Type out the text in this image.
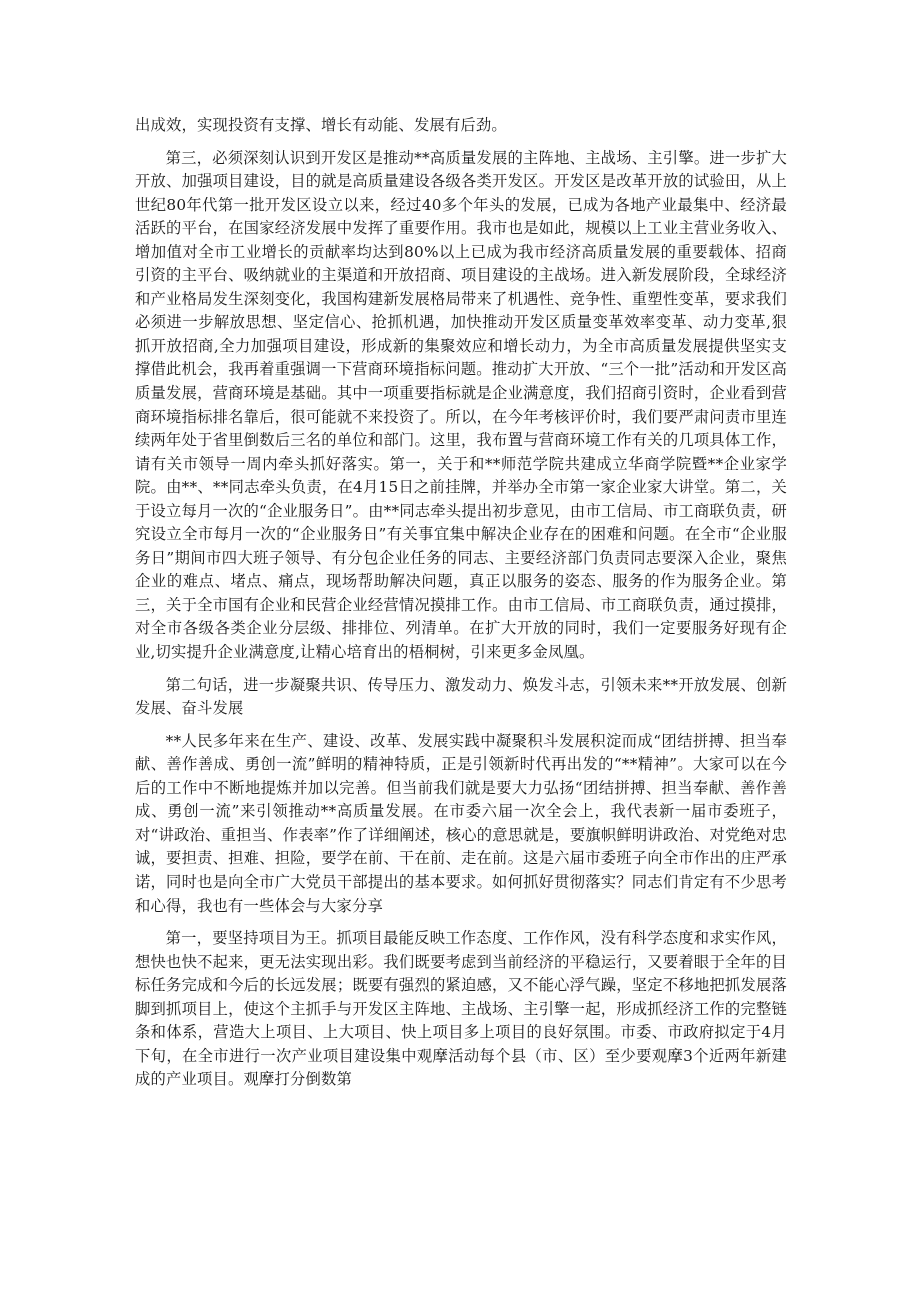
出成效，实现投资有支撑、增长有动能、发展有后劲。

第三，必须深刻认识到开发区是推动**高质量发展的主阵地、主战场、主引擎。进一步扩大开放、加强项目建设，目的就是高质量建设各级各类开发区。开发区是改革开放的试验田，从上世纪80年代第一批开发区设立以来，经过40多个年头的发展，已成为各地产业最集中、经济最活跃的平台，在国家经济发展中发挥了重要作用。我市也是如此，规模以上工业主营业务收入、增加值对全市工业增长的贡献率均达到80%以上已成为我市经济高质量发展的重要载体、招商引资的主平台、吸纳就业的主渠道和开放招商、项目建设的主战场。进入新发展阶段，全球经济和产业格局发生深刻变化，我国构建新发展格局带来了机遇性、竞争性、重塑性变革，要求我们必须进一步解放思想、坚定信心、抢抓机遇，加快推动开发区质量变革效率变革、动力变革,狠抓开放招商,全力加强项目建设，形成新的集聚效应和增长动力，为全市高质量发展提供坚实支撑借此机会，我再着重强调一下营商环境指标问题。推动扩大开放、“三个一批”活动和开发区高质量发展，营商环境是基础。其中一项重要指标就是企业满意度，我们招商引资时，企业看到营商环境指标排名靠后，很可能就不来投资了。所以，在今年考核评价时，我们要严肃问责市里连续两年处于省里倒数后三名的单位和部门。这里，我布置与营商环境工作有关的几项具体工作，请有关市领导一周内牵头抓好落实。第一，关于和**师范学院共建成立华商学院暨**企业家学院。由**、**同志牵头负责，在4月15日之前挂牌，并举办全市第一家企业家大讲堂。第二，关于设立每月一次的“企业服务日”。由**同志牵头提出初步意见，由市工信局、市工商联负责，研究设立全市每月一次的“企业服务日”有关事宜集中解决企业存在的困难和问题。在全市“企业服务日”期间市四大班子领导、有分包企业任务的同志、主要经济部门负责同志要深入企业，聚焦企业的难点、堵点、痛点，现场帮助解决问题，真正以服务的姿态、服务的作为服务企业。第三，关于全市国有企业和民营企业经营情况摸排工作。由市工信局、市工商联负责，通过摸排，对全市各级各类企业分层级、排排位、列清单。在扩大开放的同时，我们一定要服务好现有企业,切实提升企业满意度,让精心培育出的梧桐树，引来更多金凤凰。

第二句话，进一步凝聚共识、传导压力、激发动力、焕发斗志，引领未来**开放发展、创新发展、奋斗发展

**人民多年来在生产、建设、改革、发展实践中凝聚积斗发展积淀而成“团结拼搏、担当奉献、善作善成、勇创一流”鲜明的精神特质，正是引领新时代再出发的“**精神”。大家可以在今后的工作中不断地提炼并加以完善。但当前我们就是要大力弘扬“团结拼搏、担当奉献、善作善成、勇创一流”来引领推动**高质量发展。在市委六届一次全会上，我代表新一届市委班子，对“讲政治、重担当、作表率”作了详细阐述，核心的意思就是，要旗帜鲜明讲政治、对党绝对忠诚，要担责、担难、担险，要学在前、干在前、走在前。这是六届市委班子向全市作出的庄严承诺，同时也是向全市广大党员干部提出的基本要求。如何抓好贯彻落实？同志们肯定有不少思考和心得，我也有一些体会与大家分享

第一，要坚持项目为王。抓项目最能反映工作态度、工作作风，没有科学态度和求实作风，想快也快不起来，更无法实现出彩。我们既要考虑到当前经济的平稳运行，又要着眼于全年的目标任务完成和今后的长远发展；既要有强烈的紧迫感，又不能心浮气躁，坚定不移地把抓发展落脚到抓项目上，使这个主抓手与开发区主阵地、主战场、主引擎一起，形成抓经济工作的完整链条和体系，营造大上项目、上大项目、快上项目多上项目的良好氛围。市委、市政府拟定于4月下旬，在全市进行一次产业项目建设集中观摩活动每个县（市、区）至少要观摩3个近两年新建成的产业项目。观摩打分倒数第
